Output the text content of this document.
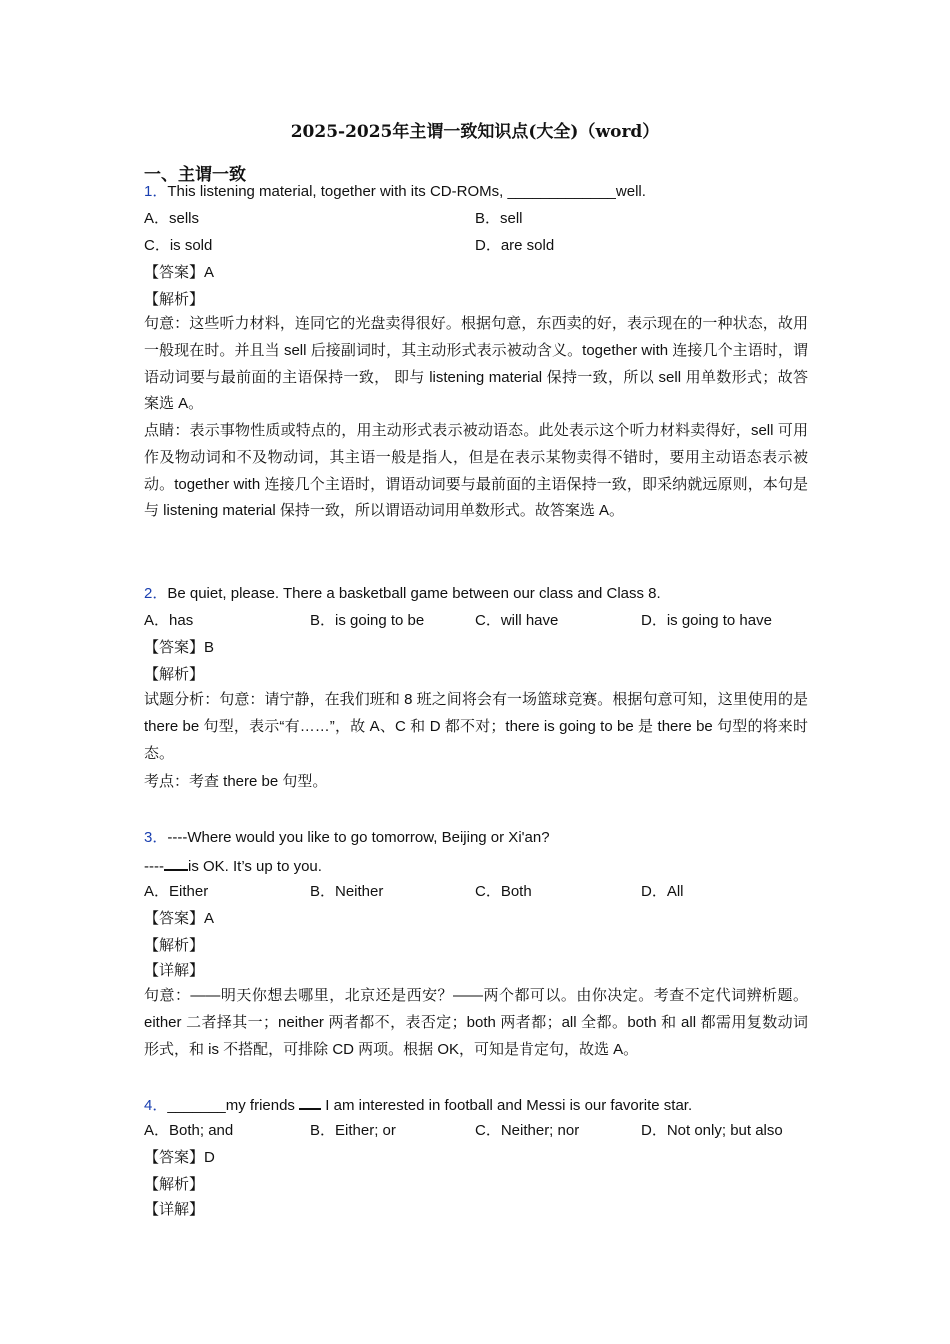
2025-2025年主谓一致知识点(大全)（word）
一、主谓一致
1．This listening material, together with its CD-ROMs, _____________well.
A．sells	B．sell
C．is sold	D．are sold
【答案】A
【解析】
句意：这些听力材料，连同它的光盘卖得很好。根据句意，东西卖的好，表示现在的一种状态，故用一般现在时。并且当 sell 后接副词时，其主动形式表示被动含义。together with 连接几个主语时，谓语动词要与最前面的主语保持一致， 即与 listening material 保持一致，所以 sell 用单数形式；故答案选 A。
点睛：表示事物性质或特点的，用主动形式表示被动语态。此处表示这个听力材料卖得好，sell 可用作及物动词和不及物动词，其主语一般是指人，但是在表示某物卖得不错时，要用主动语态表示被动。together with 连接几个主语时，谓语动词要与最前面的主语保持一致，即采纳就远原则，本句是与 listening material 保持一致，所以谓语动词用单数形式。故答案选 A。
2．Be quiet, please. There a basketball game between our class and Class 8.
A．has	B．is going to be	C．will have	D．is going to have
【答案】B
【解析】
试题分析：句意：请宁静，在我们班和 8 班之间将会有一场篮球竞赛。根据句意可知，这里使用的是 there be 句型，表示“有……”，故 A、C 和 D 都不对；there is going to be 是 there be 句型的将来时态。
考点：考查 there be 句型。
3．----Where would you like to go tomorrow, Beijing or Xi'an?
---- is OK. It’s up to you.
A．Either	B．Neither	C．Both	D．All
【答案】A
【解析】
【详解】
句意：——明天你想去哪里，北京还是西安？——两个都可以。由你决定。考查不定代词辨析题。either 二者择其一；neither 两者都不，表否定；both 两者都；all 全都。both 和 all 都需用复数动词形式，和 is 不搭配，可排除 CD 两项。根据 OK，可知是肯定句，故选 A。
4．_______my friends  I am interested in football and Messi is our favorite star.
A．Both; and	B．Either; or	C．Neither; nor	D．Not only; but also
【答案】D
【解析】
【详解】
